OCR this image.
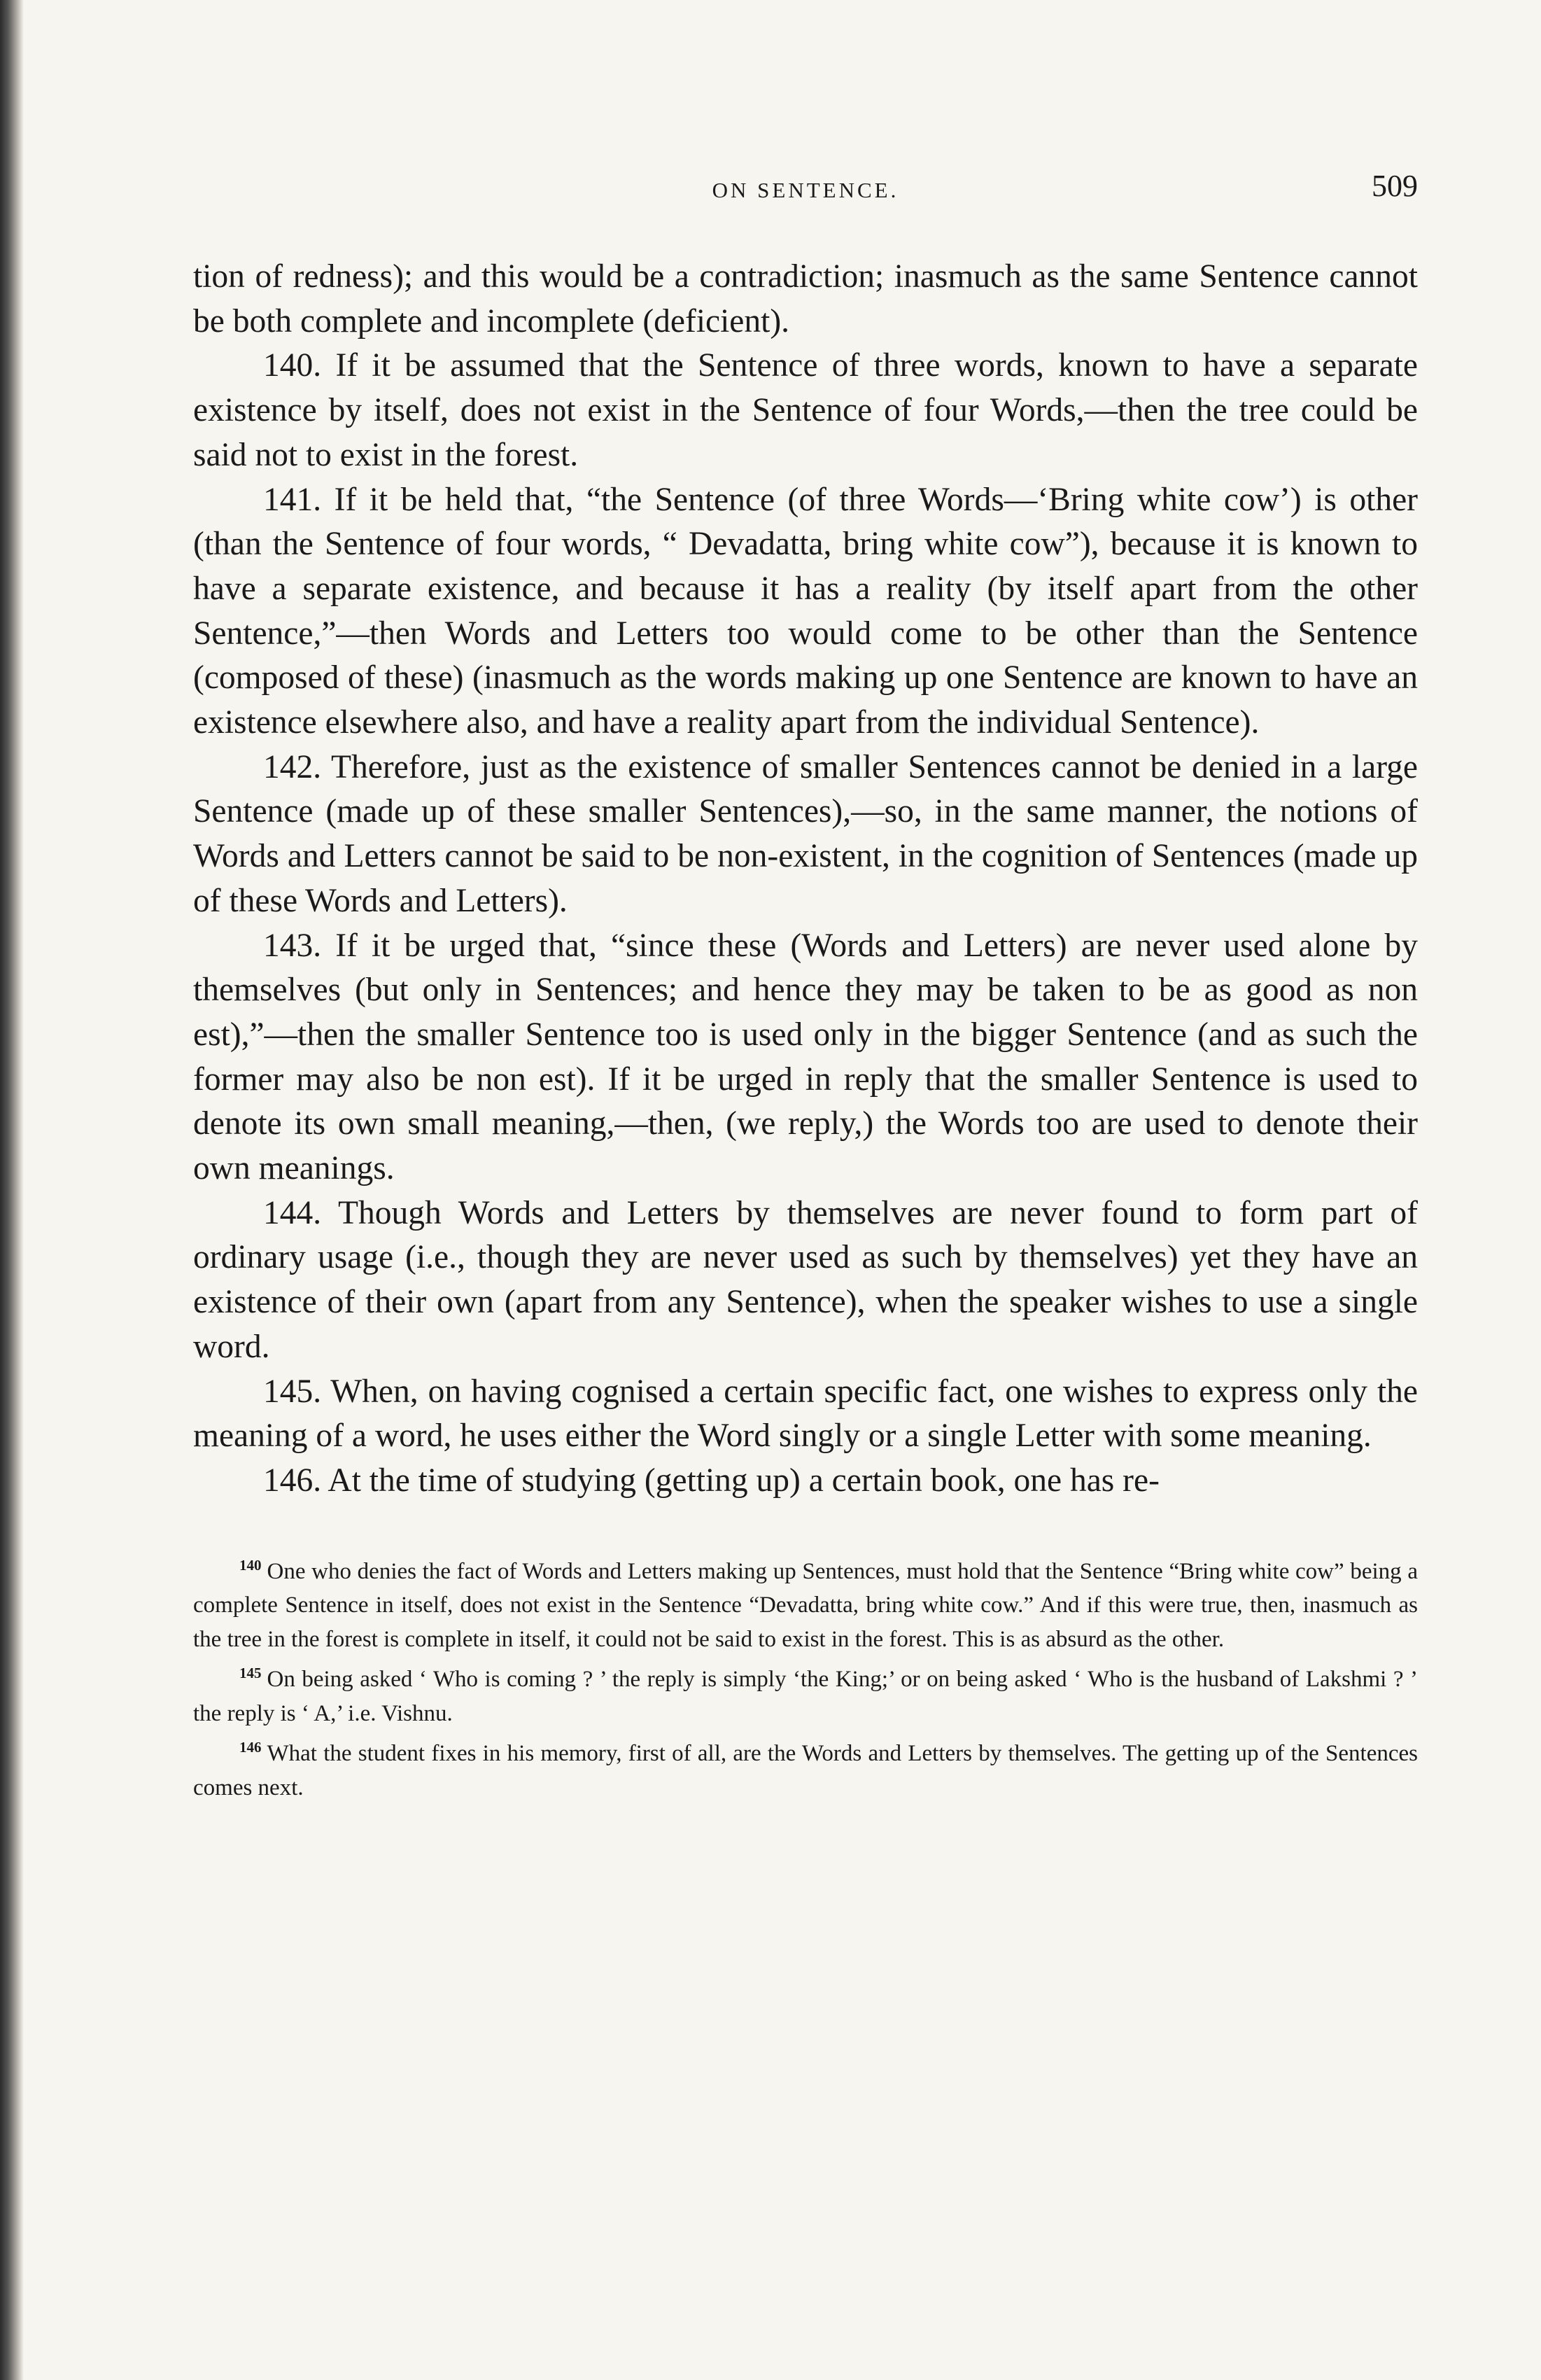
ON SENTENCE.	509

tion of redness); and this would be a contradiction; inasmuch as the same Sentence cannot be both complete and incomplete (deficient).

140. If it be assumed that the Sentence of three words, known to have a separate existence by itself, does not exist in the Sentence of four Words,—then the tree could be said not to exist in the forest.

141. If it be held that, “the Sentence (of three Words—‘Bring white cow’) is other (than the Sentence of four words, “ Devadatta, bring white cow”), because it is known to have a separate existence, and because it has a reality (by itself apart from the other Sentence,”—then Words and Letters too would come to be other than the Sentence (composed of these) (inasmuch as the words making up one Sentence are known to have an existence elsewhere also, and have a reality apart from the individual Sentence).

142. Therefore, just as the existence of smaller Sentences cannot be denied in a large Sentence (made up of these smaller Sentences),—so, in the same manner, the notions of Words and Letters cannot be said to be non-existent, in the cognition of Sentences (made up of these Words and Letters).

143. If it be urged that, “since these (Words and Letters) are never used alone by themselves (but only in Sentences; and hence they may be taken to be as good as non est),”—then the smaller Sentence too is used only in the bigger Sentence (and as such the former may also be non est). If it be urged in reply that the smaller Sentence is used to denote its own small meaning,—then, (we reply,) the Words too are used to denote their own meanings.

144. Though Words and Letters by themselves are never found to form part of ordinary usage (i.e., though they are never used as such by themselves) yet they have an existence of their own (apart from any Sentence), when the speaker wishes to use a single word.

145. When, on having cognised a certain specific fact, one wishes to express only the meaning of a word, he uses either the Word singly or a single Letter with some meaning.

146. At the time of studying (getting up) a certain book, one has re-

$^{140}$ One who denies the fact of Words and Letters making up Sentences, must hold that the Sentence “Bring white cow” being a complete Sentence in itself, does not exist in the Sentence “Devadatta, bring white cow.” And if this were true, then, inasmuch as the tree in the forest is complete in itself, it could not be said to exist in the forest. This is as absurd as the other.

$^{145}$ On being asked ‘ Who is coming ? ’ the reply is simply ‘the King;’ or on being asked ‘ Who is the husband of Lakshmi ? ’ the reply is ‘ A,’ i.e. Vishnu.

$^{146}$ What the student fixes in his memory, first of all, are the Words and Letters by themselves. The getting up of the Sentences comes next.
